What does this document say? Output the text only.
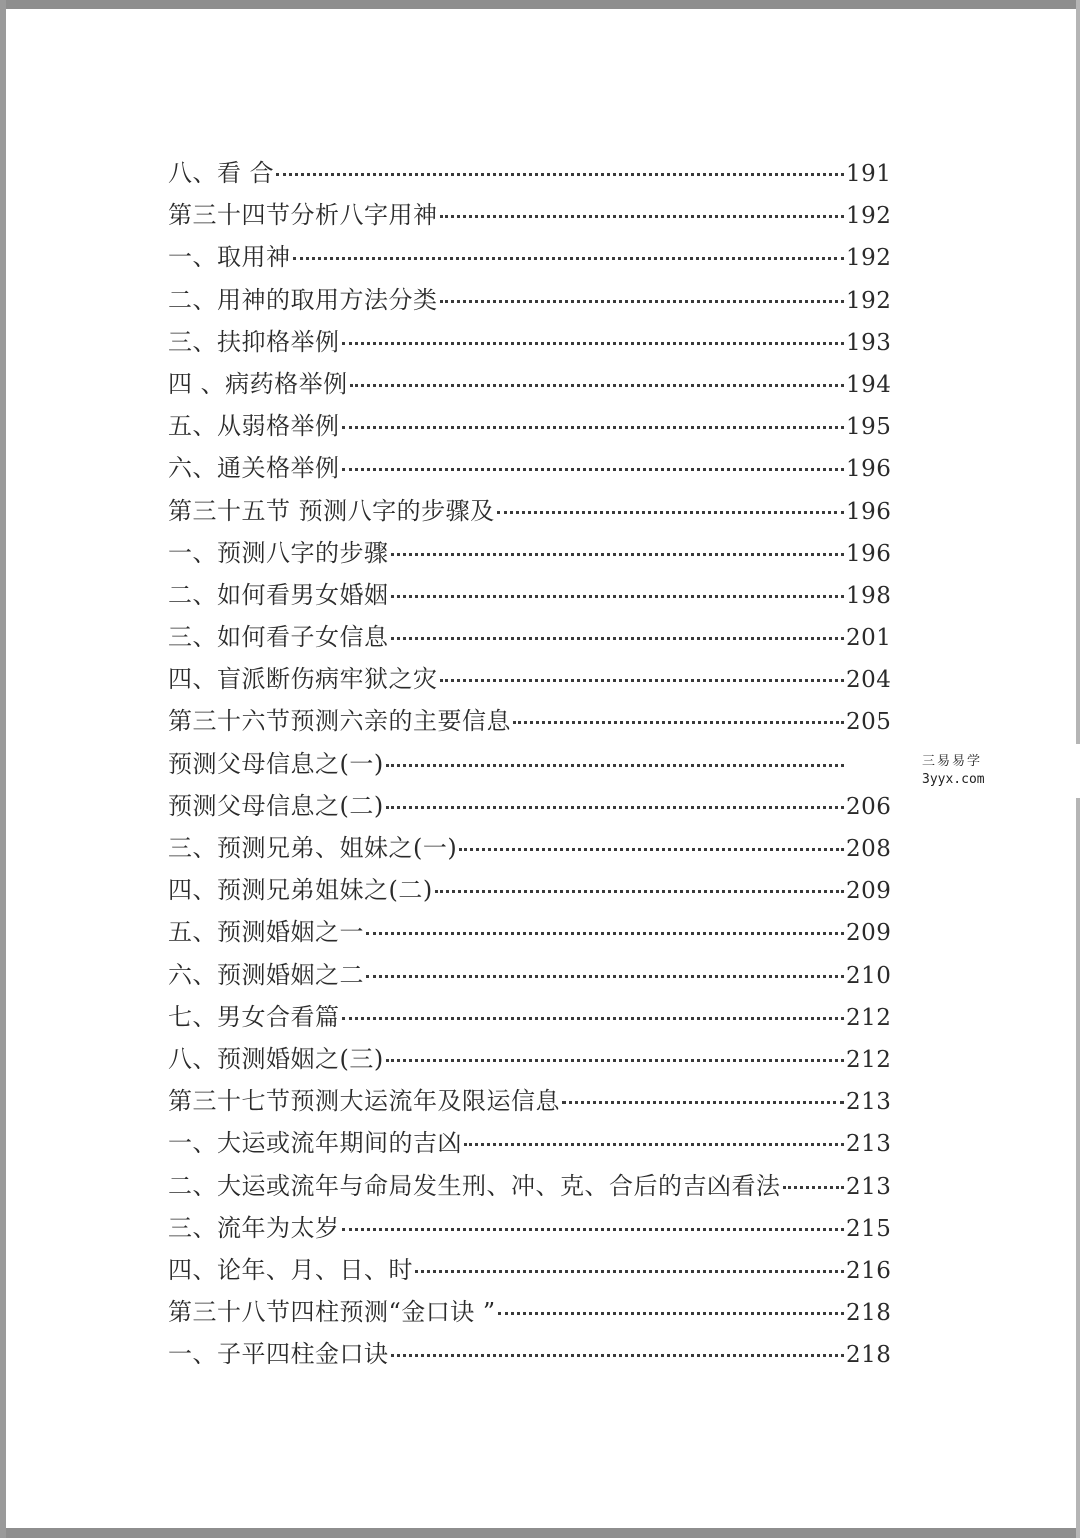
八、看 合	191
第三十四节分析八字用神	192
一、取用神	192
二、用神的取用方法分类	192
三、扶抑格举例	193
四 、病药格举例	194
五、从弱格举例	195
六、通关格举例	196
第三十五节 预测八字的步骤及	196
一、预测八字的步骤	196
二、如何看男女婚姻	198
三、如何看子女信息	201
四、盲派断伤病牢狱之灾	204
第三十六节预测六亲的主要信息	205
预测父母信息之(一)
预测父母信息之(二)	206
三、预测兄弟、姐妹之(一)	208
四、预测兄弟姐妹之(二)	209
五、预测婚姻之一	209
六、预测婚姻之二	210
七、男女合看篇	212
八、预测婚姻之(三)	212
第三十七节预测大运流年及限运信息	213
一、大运或流年期间的吉凶	213
二、大运或流年与命局发生刑、冲、克、合后的吉凶看法	213
三、流年为太岁	215
四、论年、月、日、时	216
第三十八节四柱预测“金口诀 ”	218
一、子平四柱金口诀	218
三易易学
3yyx.com
